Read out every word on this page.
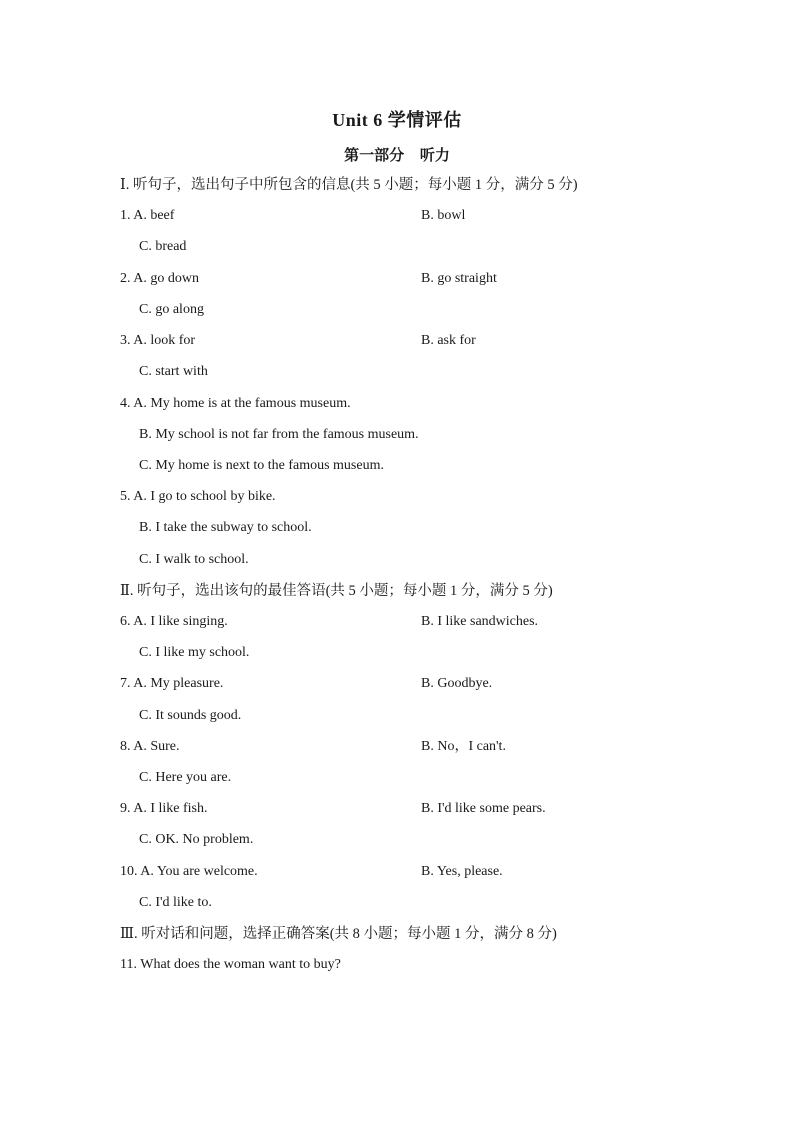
Unit 6 学情评估
第一部分 听力
Ⅰ. 听句子，选出句子中所包含的信息(共 5 小题；每小题 1 分，满分 5 分)
1. A. beef	B. bowl
C. bread
2. A. go down	B. go straight
C. go along
3. A. look for	B. ask for
C. start with
4. A. My home is at the famous museum.
B. My school is not far from the famous museum.
C. My home is next to the famous museum.
5. A. I go to school by bike.
B. I take the subway to school.
C. I walk to school.
Ⅱ. 听句子，选出该句的最佳答语(共 5 小题；每小题 1 分，满分 5 分)
6. A. I like singing.	B. I like sandwiches.
C. I like my school.
7. A. My pleasure.	B. Goodbye.
C. It sounds good.
8. A. Sure.	B. No，I can't.
C. Here you are.
9. A. I like fish.	B. I'd like some pears.
C. OK. No problem.
10. A. You are welcome.	B. Yes, please.
C. I'd like to.
Ⅲ. 听对话和问题，选择正确答案(共 8 小题；每小题 1 分，满分 8 分)
11. What does the woman want to buy?
